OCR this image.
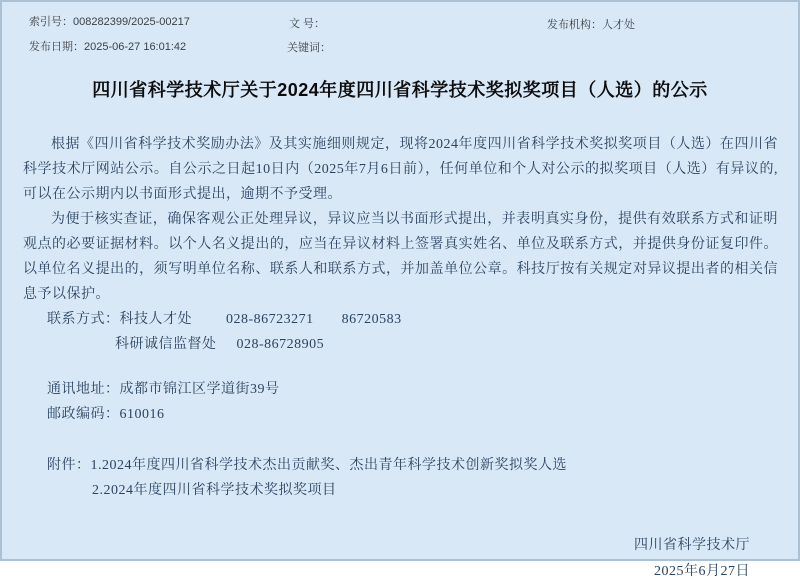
索引号：008282399/2025-00217	文 号：	发布机构：人才处
发布日期：2025-06-27 16:01:42	关键词：
四川省科学技术厅关于2024年度四川省科学技术奖拟奖项目（人选）的公示

根据《四川省科学技术奖励办法》及其实施细则规定，现将2024年度四川省科学技术奖拟奖项目（人选）在四川省科学技术厅网站公示。自公示之日起10日内（2025年7月6日前），任何单位和个人对公示的拟奖项目（人选）有异议的,可以在公示期内以书面形式提出，逾期不予受理。

为便于核实查证，确保客观公正处理异议，异议应当以书面形式提出，并表明真实身份，提供有效联系方式和证明观点的必要证据材料。以个人名义提出的，应当在异议材料上签署真实姓名、单位及联系方式，并提供身份证复印件。以单位名义提出的，须写明单位名称、联系人和联系方式，并加盖单位公章。科技厅按有关规定对异议提出者的相关信息予以保护。

联系方式：科技人才处 028-86723271 86720583
科研诚信监督处 028-86728905
通讯地址：成都市锦江区学道街39号
邮政编码：610016
附件：1.2024年度四川省科学技术杰出贡献奖、杰出青年科学技术创新奖拟奖人选
2.2024年度四川省科学技术奖拟奖项目
四川省科学技术厅
2025年6月27日
